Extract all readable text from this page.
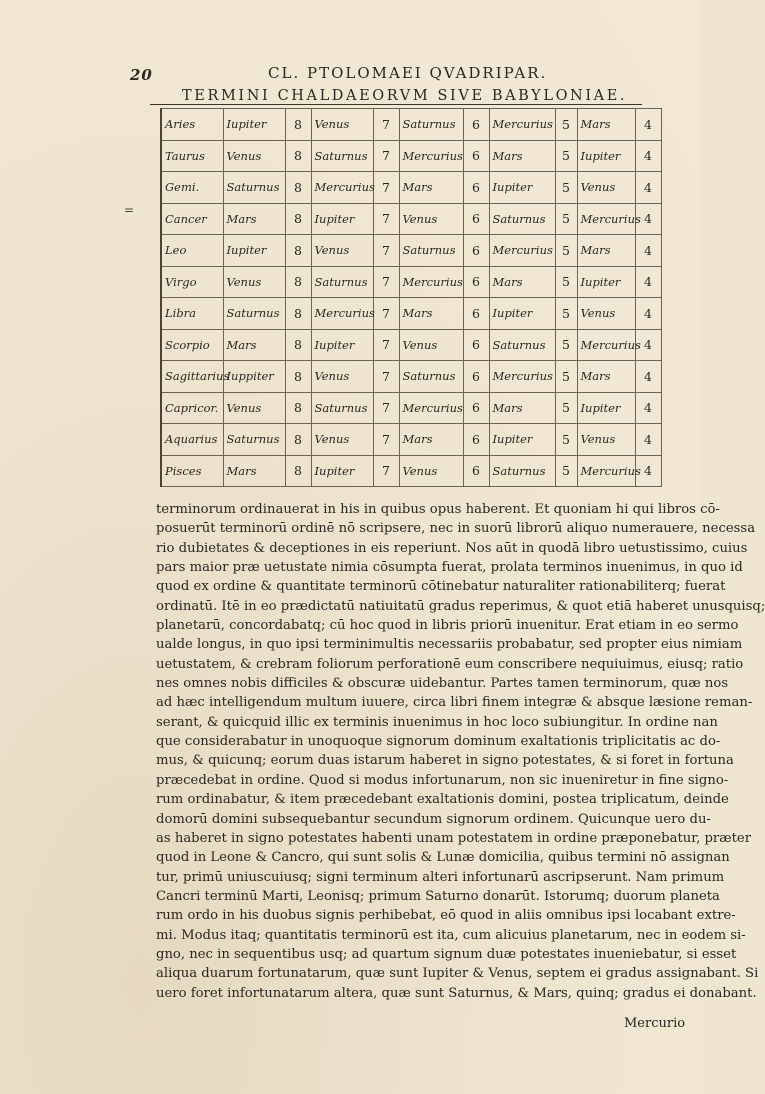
20	CL. PTOLOMAEI QVADRIPAR.
TERMINI CHALDAEORVM SIVE BABYLONIAE.
=
Aries	Iupiter	8	Venus	7	Saturnus	6	Mercurius	5	Mars	4
Taurus	Venus	8	Saturnus	7	Mercurius	6	Mars	5	Iupiter	4
Gemi.	Saturnus	8	Mercurius	7	Mars	6	Iupiter	5	Venus	4
Cancer	Mars	8	Iupiter	7	Venus	6	Saturnus	5	Mercurius	4
Leo	Iupiter	8	Venus	7	Saturnus	6	Mercurius	5	Mars	4
Virgo	Venus	8	Saturnus	7	Mercurius	6	Mars	5	Iupiter	4
Libra	Saturnus	8	Mercurius	7	Mars	6	Iupiter	5	Venus	4
Scorpio	Mars	8	Iupiter	7	Venus	6	Saturnus	5	Mercurius	4
Sagittarius	Iuppiter	8	Venus	7	Saturnus	6	Mercurius	5	Mars	4
Capricor.	Venus	8	Saturnus	7	Mercurius	6	Mars	5	Iupiter	4
Aquarius	Saturnus	8	Venus	7	Mars	6	Iupiter	5	Venus	4
Pisces	Mars	8	Iupiter	7	Venus	6	Saturnus	5	Mercurius	4
terminorum ordinauerat in his in quibus opus haberent. Et quoniam hi qui libros cō-
posuerūt terminorū ordinē nō scripsere, nec in suorū librorū aliquo numerauere, necessa
rio dubietates & deceptiones in eis reperiunt. Nos aūt in quodā libro uetustissimo, cuius
pars maior præ uetustate nimia cōsumpta fuerat, prolata terminos inuenimus, in quo id
quod ex ordine & quantitate terminorū cōtinebatur naturaliter rationabiliterq; fuerat
ordinatū. Itē in eo prædictatū natiuitatū gradus reperimus, & quot etiā haberet unusquisq;
planetarū, concordabatq; cū hoc quod in libris priorū inuenitur. Erat etiam in eo sermo
ualde longus, in quo ipsi terminimultis necessariis probabatur, sed propter eius nimiam
uetustatem, & crebram foliorum perforationē eum conscribere nequiuimus, eiusq; ratio
nes omnes nobis difficiles & obscuræ uidebantur. Partes tamen terminorum, quæ nos
ad hæc intelligendum multum iuuere, circa libri finem integræ & absque læsione reman-
serant, & quicquid illic ex terminis inuenimus in hoc loco subiungitur. In ordine nan
que considerabatur in unoquoque signorum dominum exaltationis triplicitatis ac do-
mus, & quicunq; eorum duas istarum haberet in signo potestates, & si foret in fortuna
præcedebat in ordine. Quod si modus infortunarum, non sic inueniretur in fine signo-
rum ordinabatur, & item præcedebant exaltationis domini, postea triplicatum, deinde
domorū domini subsequebantur secundum signorum ordinem. Quicunque uero du-
as haberet in signo potestates habenti unam potestatem in ordine præponebatur, præter
quod in Leone & Cancro, qui sunt solis & Lunæ domicilia, quibus termini nō assignan
tur, primū uniuscuiusq; signi terminum alteri infortunarū ascripserunt. Nam primum
Cancri terminū Marti, Leonisq; primum Saturno donarūt. Istorumq; duorum planeta
rum ordo in his duobus signis perhibebat, eō quod in aliis omnibus ipsi locabant extre-
mi. Modus itaq; quantitatis terminorū est ita, cum alicuius planetarum, nec in eodem si-
gno, nec in sequentibus usq; ad quartum signum duæ potestates inueniebatur, si esset
aliqua duarum fortunatarum, quæ sunt Iupiter & Venus, septem ei gradus assignabant. Si
uero foret infortunatarum altera, quæ sunt Saturnus, & Mars, quinq; gradus ei donabant.
Mercurio
